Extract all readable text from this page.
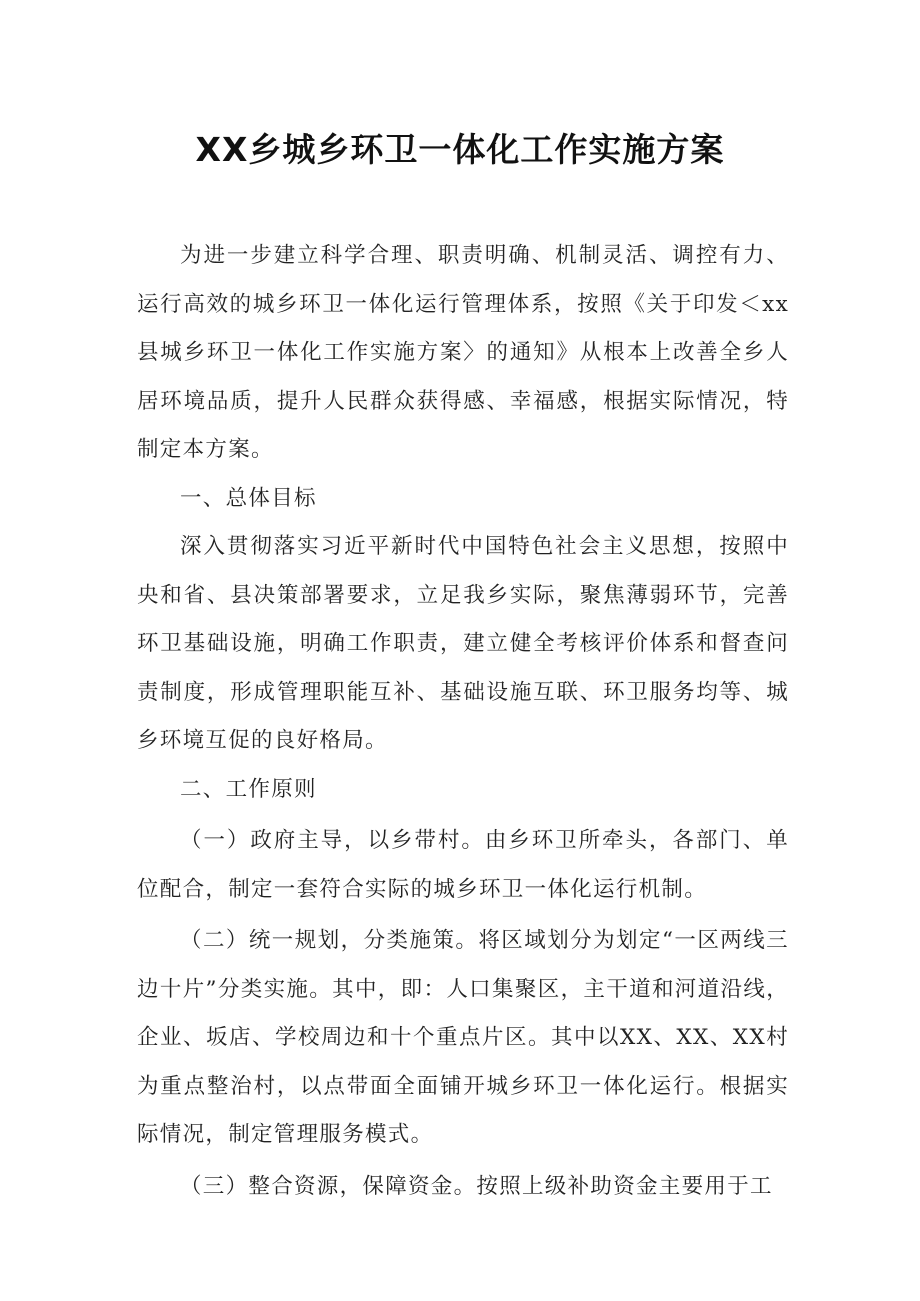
XX乡城乡环卫一体化工作实施方案

为进一步建立科学合理、职责明确、机制灵活、调控有力、运行高效的城乡环卫一体化运行管理体系，按照《关于印发＜xx县城乡环卫一体化工作实施方案〉的通知》从根本上改善全乡人居环境品质，提升人民群众获得感、幸福感，根据实际情况，特制定本方案。

一、总体目标

深入贯彻落实习近平新时代中国特色社会主义思想，按照中央和省、县决策部署要求，立足我乡实际，聚焦薄弱环节，完善环卫基础设施，明确工作职责，建立健全考核评价体系和督查问责制度，形成管理职能互补、基础设施互联、环卫服务均等、城乡环境互促的良好格局。

二、工作原则

（一）政府主导，以乡带村。由乡环卫所牵头，各部门、单位配合，制定一套符合实际的城乡环卫一体化运行机制。

（二）统一规划，分类施策。将区域划分为划定“一区两线三边十片”分类实施。其中，即：人口集聚区，主干道和河道沿线，企业、坂店、学校周边和十个重点片区。其中以XX、XX、XX村为重点整治村，以点带面全面铺开城乡环卫一体化运行。根据实际情况，制定管理服务模式。

（三）整合资源，保障资金。按照上级补助资金主要用于工
